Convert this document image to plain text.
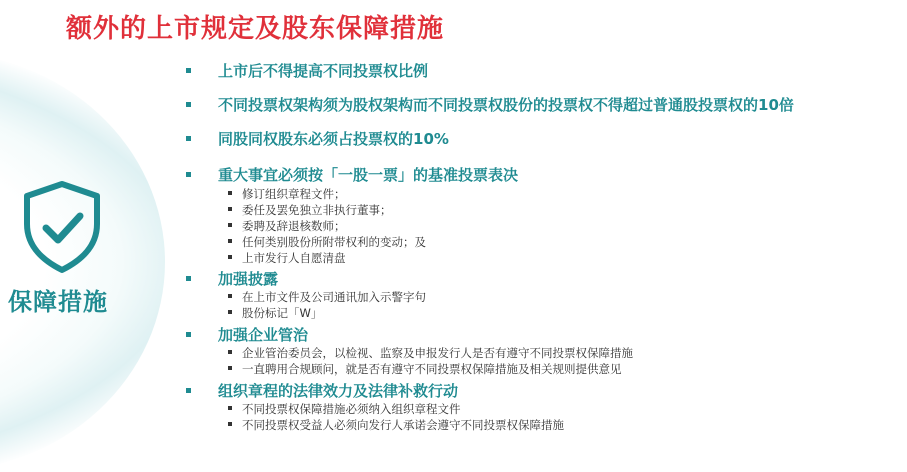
额外的上市规定及股东保障措施
保障措施
上市后不得提高不同投票权比例
不同投票权架构须为股权架构而不同投票权股份的投票权不得超过普通股投票权的10倍
同股同权股东必须占投票权的10%
重大事宜必须按「一股一票」的基准投票表决
修订组织章程文件；
委任及罢免独立非执行董事；
委聘及辞退核数师；
任何类别股份所附带权利的变动；及
上市发行人自愿清盘
加强披露
在上市文件及公司通讯加入示警字句
股份标记「W」
加强企业管治
企业管治委员会，以检视、监察及申报发行人是否有遵守不同投票权保障措施
一直聘用合规顾问，就是否有遵守不同投票权保障措施及相关规则提供意见
组织章程的法律效力及法律补救行动
不同投票权保障措施必须纳入组织章程文件
不同投票权受益人必须向发行人承诺会遵守不同投票权保障措施
